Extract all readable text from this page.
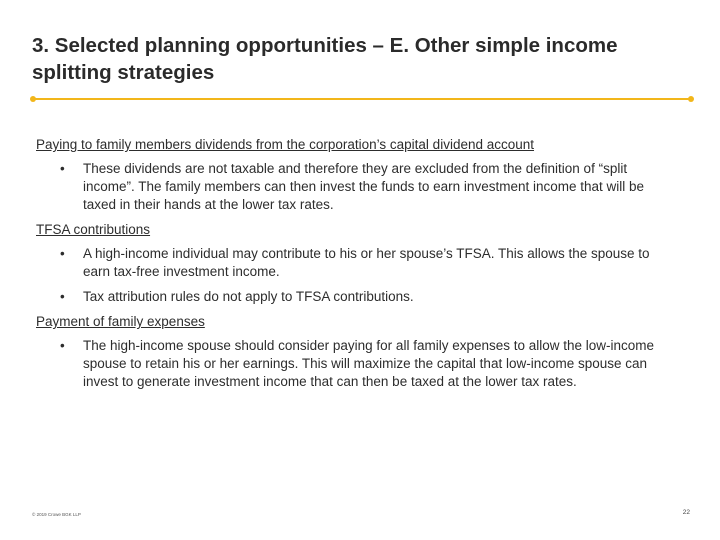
3. Selected planning opportunities – E. Other simple income splitting strategies

Paying to family members dividends from the corporation’s capital dividend account

• These dividends are not taxable and therefore they are excluded from the definition of “split income”. The family members can then invest the funds to earn investment income that will be taxed in their hands at the lower tax rates.

TFSA contributions

• A high-income individual may contribute to his or her spouse’s TFSA. This allows the spouse to earn tax-free investment income.
• Tax attribution rules do not apply to TFSA contributions.

Payment of family expenses

• The high-income spouse should consider paying for all family expenses to allow the low-income spouse to retain his or her earnings. This will maximize the capital that low-income spouse can invest to generate investment income that can then be taxed at the lower tax rates.
© 2019 Crowe BGK LLP	22
